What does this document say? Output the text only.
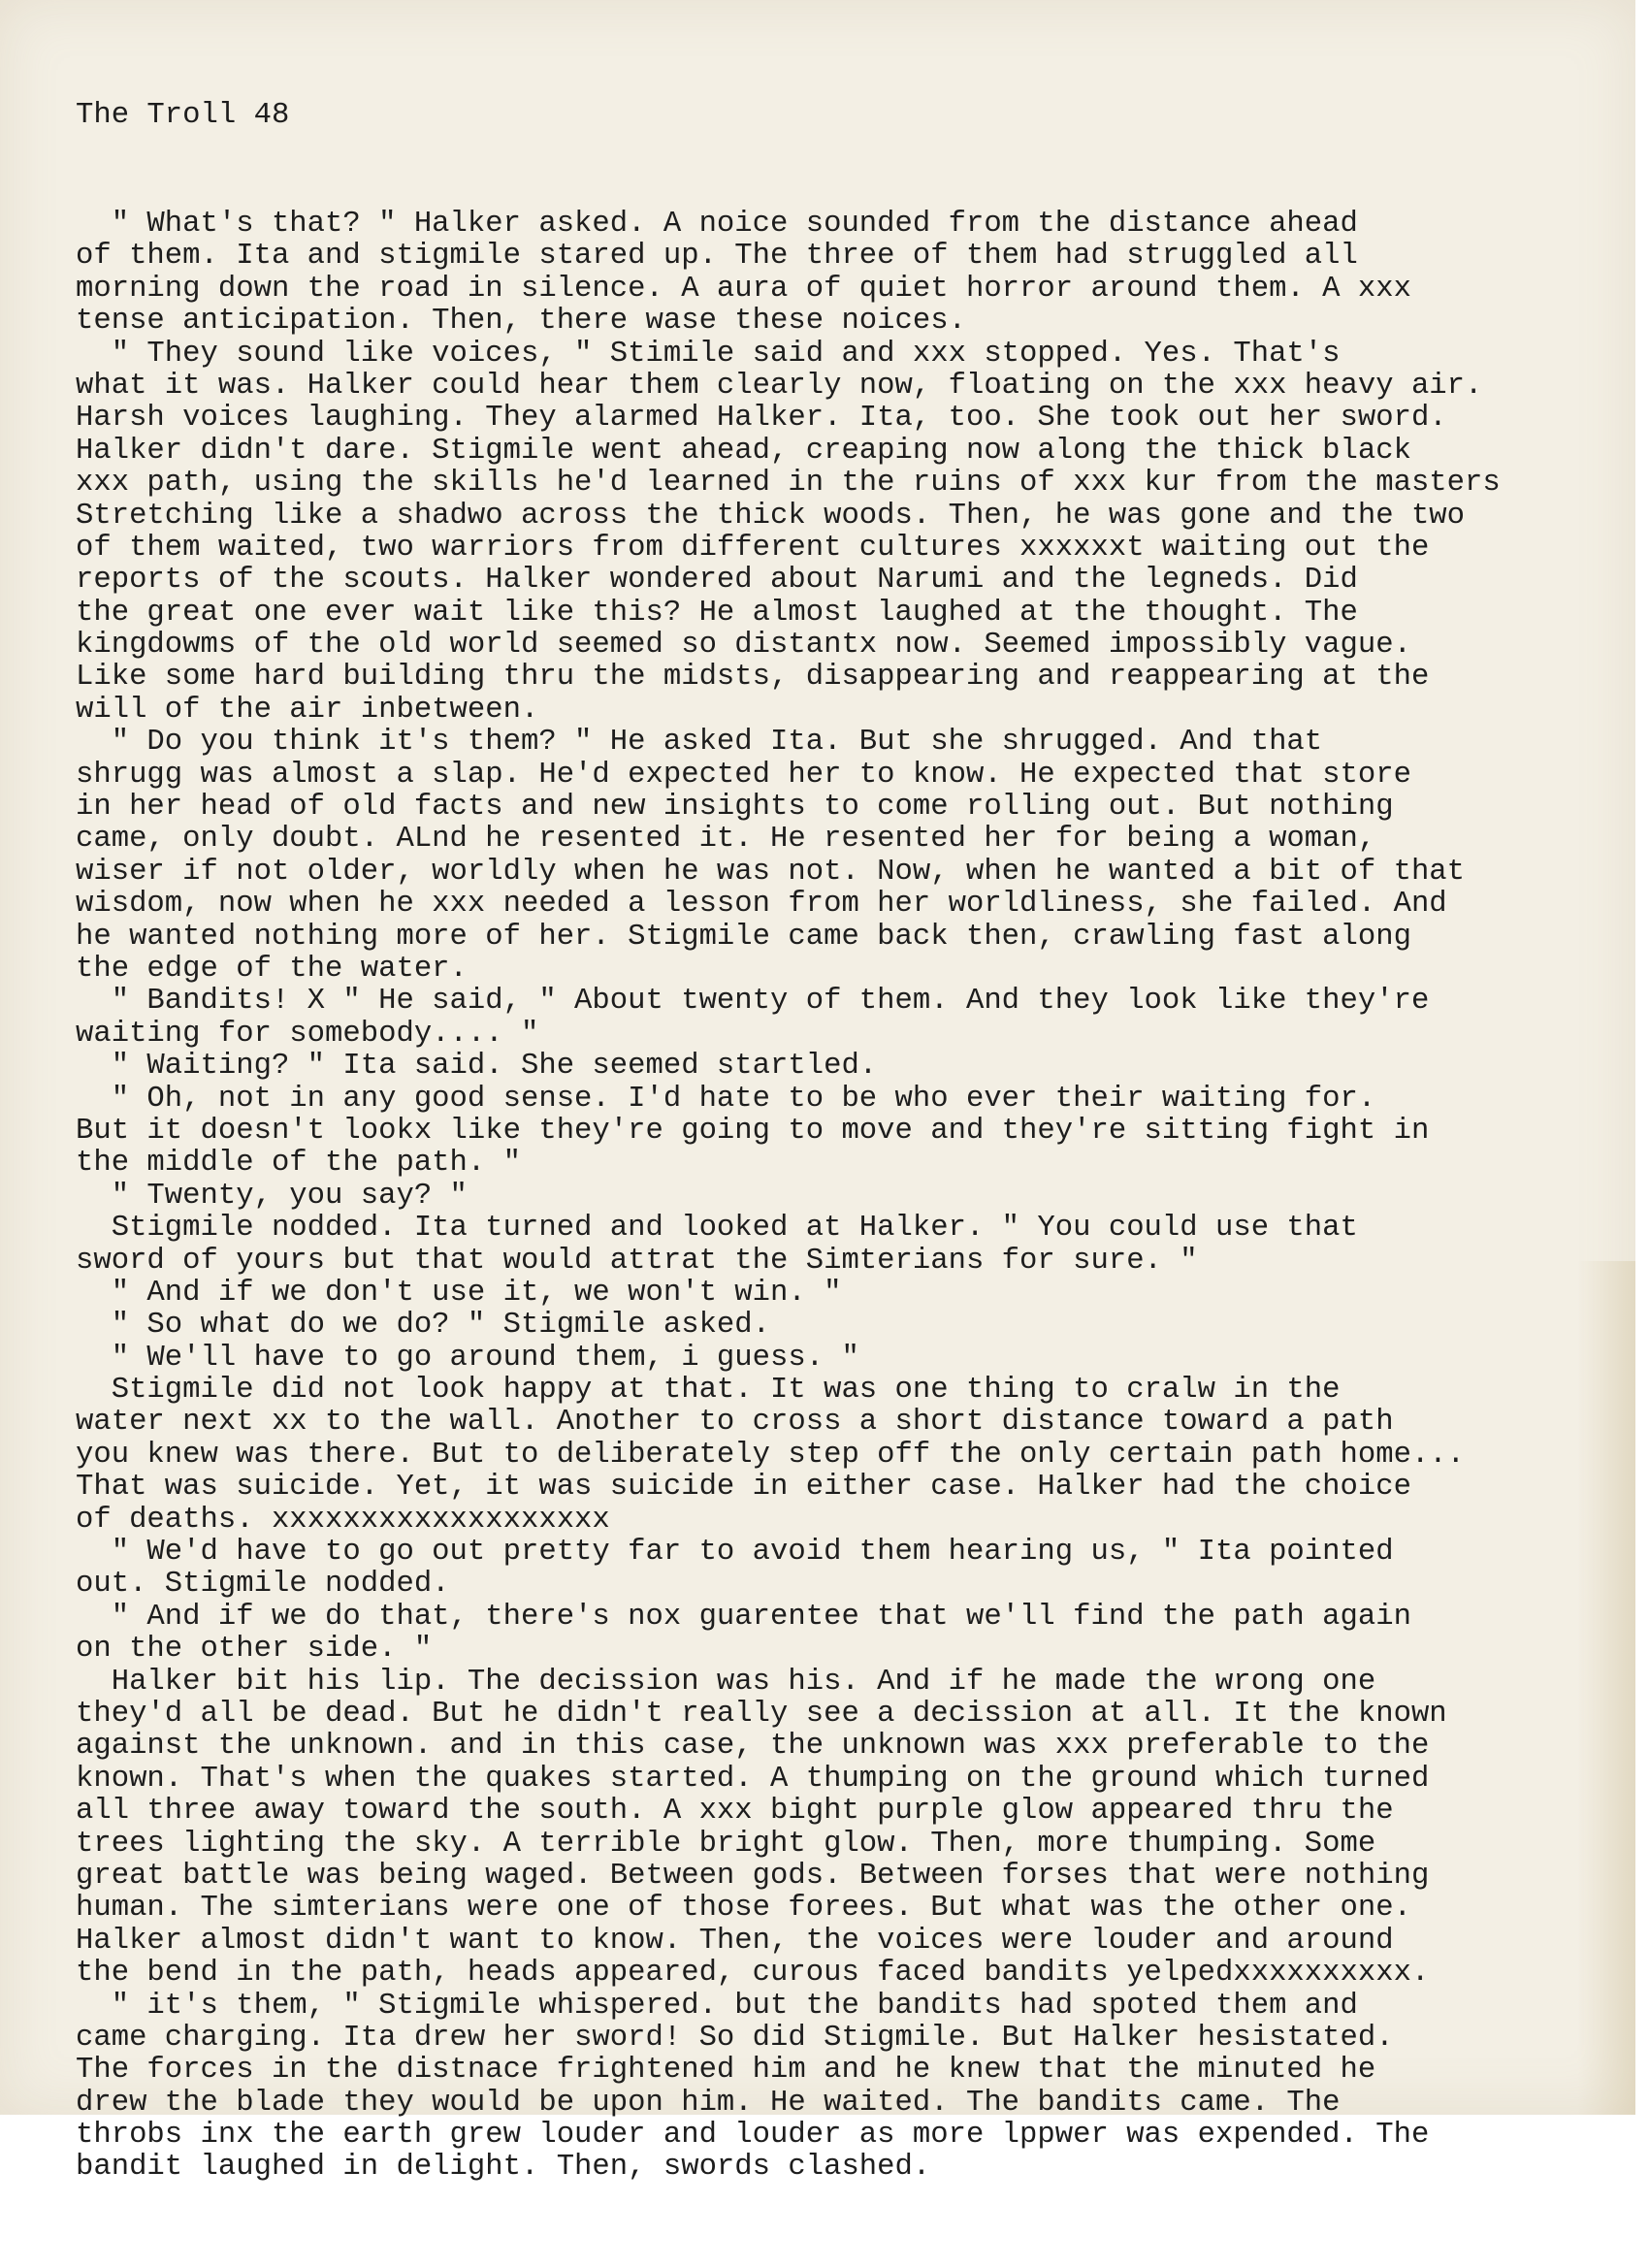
The Troll 48

" What's that? " Halker asked. A noice sounded from the distance ahead
of them. Ita and stigmile stared up. The three of them had struggled all
morning down the road in silence. A aura of quiet horror around them. A xxx
tense anticipation. Then, there wase these noices.
" They sound like voices, " Stimile said and xxx stopped. Yes. That's
what it was. Halker could hear them clearly now, floating on the xxx heavy air.
Harsh voices laughing. They alarmed Halker. Ita, too. She took out her sword.
Halker didn't dare. Stigmile went ahead, creaping now along the thick black
xxx path, using the skills he'd learned in the ruins of xxx kur from the masters
Stretching like a shadwo across the thick woods. Then, he was gone and the two
of them waited, two warriors from different cultures xxxxxxt waiting out the
reports of the scouts. Halker wondered about Narumi and the legneds. Did
the great one ever wait like this? He almost laughed at the thought. The
kingdowms of the old world seemed so distantx now. Seemed impossibly vague.
Like some hard building thru the midsts, disappearing and reappearing at the
will of the air inbetween.
" Do you think it's them? " He asked Ita. But she shrugged. And that
shrugg was almost a slap. He'd expected her to know. He expected that store
in her head of old facts and new insights to come rolling out. But nothing
came, only doubt. ALnd he resented it. He resented her for being a woman,
wiser if not older, worldly when he was not. Now, when he wanted a bit of that
wisdom, now when he xxx needed a lesson from her worldliness, she failed. And
he wanted nothing more of her. Stigmile came back then, crawling fast along
the edge of the water.
" Bandits! X " He said, " About twenty of them. And they look like they're
waiting for somebody.... "
" Waiting? " Ita said. She seemed startled.
" Oh, not in any good sense. I'd hate to be who ever their waiting for.
But it doesn't lookx like they're going to move and they're sitting fight in
the middle of the path. "
" Twenty, you say? "
Stigmile nodded. Ita turned and looked at Halker. " You could use that
sword of yours but that would attrat the Simterians for sure. "
" And if we don't use it, we won't win. "
" So what do we do? " Stigmile asked.
" We'll have to go around them, i guess. "
Stigmile did not look happy at that. It was one thing to cralw in the
water next xx to the wall. Another to cross a short distance toward a path
you knew was there. But to deliberately step off the only certain path home...
That was suicide. Yet, it was suicide in either case. Halker had the choice
of deaths. xxxxxxxxxxxxxxxxxxx
" We'd have to go out pretty far to avoid them hearing us, " Ita pointed
out. Stigmile nodded.
" And if we do that, there's nox guarentee that we'll find the path again
on the other side. "
Halker bit his lip. The decission was his. And if he made the wrong one
they'd all be dead. But he didn't really see a decission at all. It the known
against the unknown. and in this case, the unknown was xxx preferable to the
known. That's when the quakes started. A thumping on the ground which turned
all three away toward the south. A xxx bight purple glow appeared thru the
trees lighting the sky. A terrible bright glow. Then, more thumping. Some
great battle was being waged. Between gods. Between forses that were nothing
human. The simterians were one of those forees. But what was the other one.
Halker almost didn't want to know. Then, the voices were louder and around
the bend in the path, heads appeared, curous faced bandits yelpedxxxxxxxxxx.
" it's them, " Stigmile whispered. but the bandits had spoted them and
came charging. Ita drew her sword! So did Stigmile. But Halker hesistated.
The forces in the distnace frightened him and he knew that the minuted he
drew the blade they would be upon him. He waited. The bandits came. The
throbs inx the earth grew louder and louder as more lppwer was expended. The
bandit laughed in delight. Then, swords clashed.
